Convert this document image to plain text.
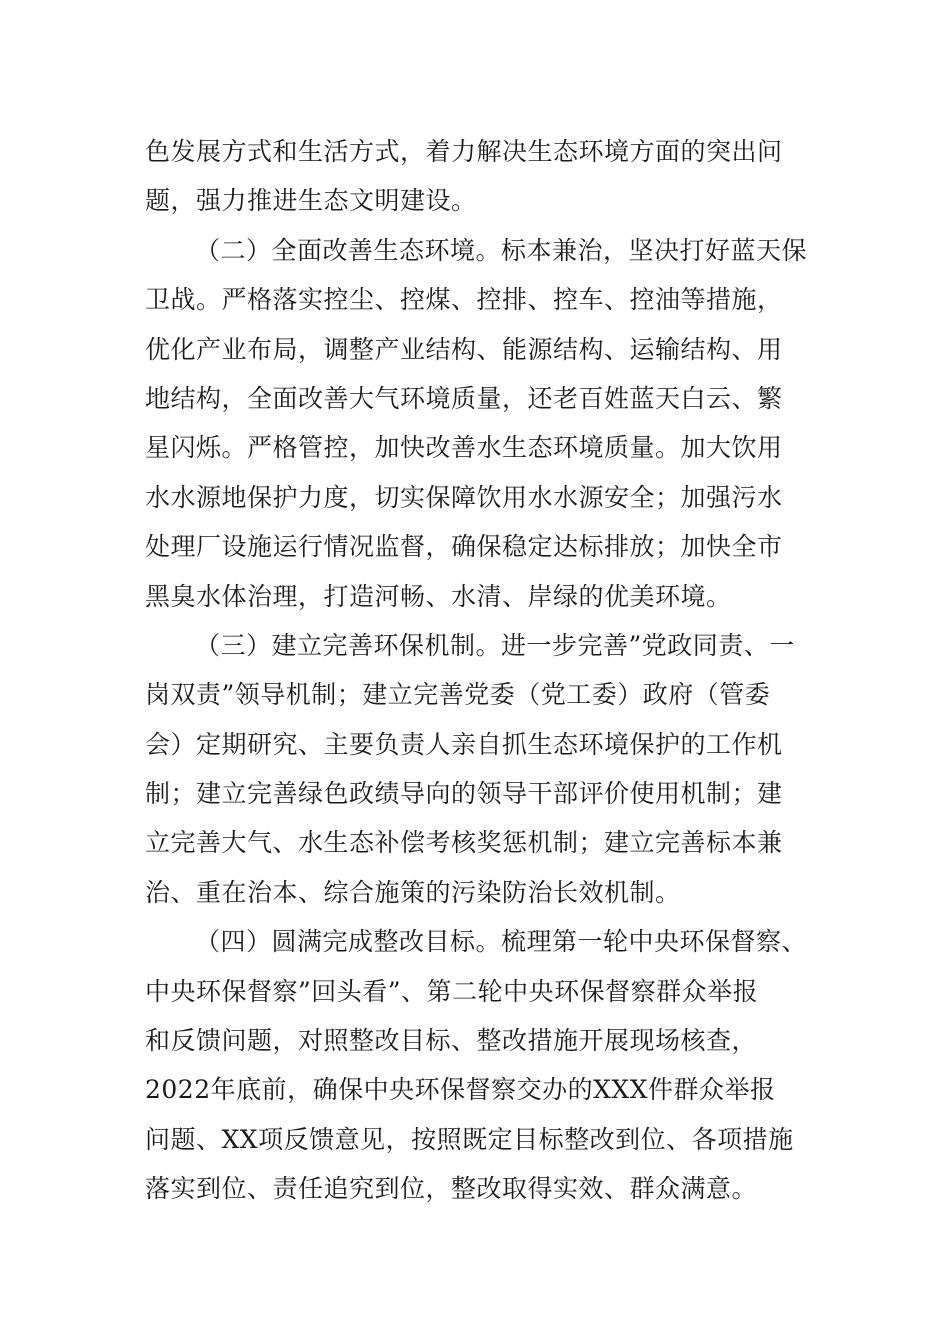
色发展方式和生活方式，着力解决生态环境方面的突出问
题，强力推进生态文明建设。
（二）全面改善生态环境。标本兼治，坚决打好蓝天保
卫战。严格落实控尘、控煤、控排、控车、控油等措施，
优化产业布局，调整产业结构、能源结构、运输结构、用
地结构，全面改善大气环境质量，还老百姓蓝天白云、繁
星闪烁。严格管控，加快改善水生态环境质量。加大饮用
水水源地保护力度，切实保障饮用水水源安全；加强污水
处理厂设施运行情况监督，确保稳定达标排放；加快全市
黑臭水体治理，打造河畅、水清、岸绿的优美环境。
（三）建立完善环保机制。进一步完善”党政同责、一
岗双责”领导机制；建立完善党委（党工委）政府（管委
会）定期研究、主要负责人亲自抓生态环境保护的工作机
制；建立完善绿色政绩导向的领导干部评价使用机制；建
立完善大气、水生态补偿考核奖惩机制；建立完善标本兼
治、重在治本、综合施策的污染防治长效机制。
（四）圆满完成整改目标。梳理第一轮中央环保督察、
中央环保督察”回头看”、第二轮中央环保督察群众举报
和反馈问题，对照整改目标、整改措施开展现场核查，
2022年底前，确保中央环保督察交办的XXX件群众举报
问题、XX项反馈意见，按照既定目标整改到位、各项措施
落实到位、责任追究到位，整改取得实效、群众满意。
